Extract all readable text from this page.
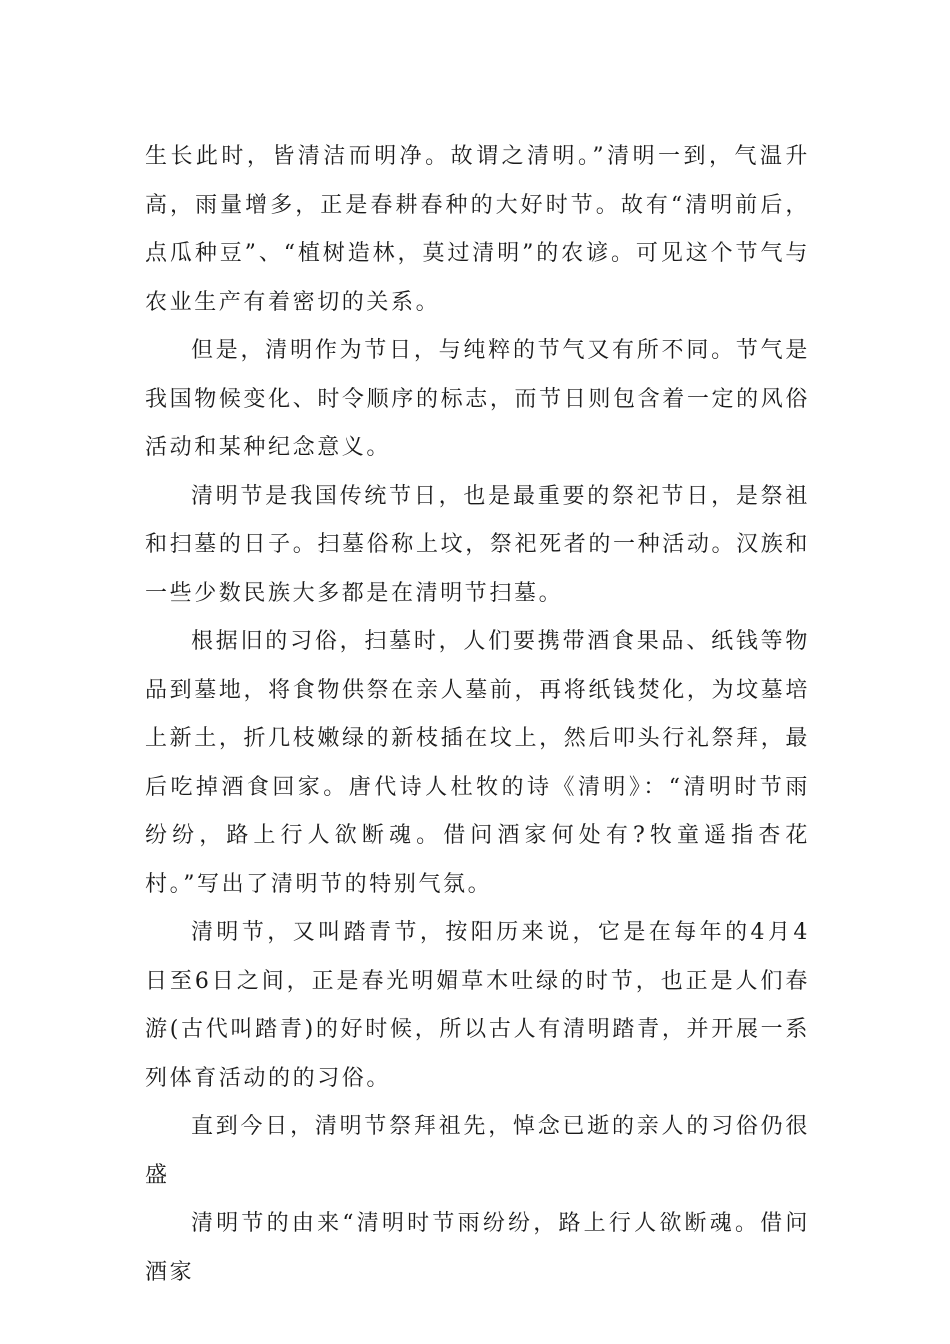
生长此时，皆清洁而明净。故谓之清明。”清明一到，气温升高，雨量增多，正是春耕春种的大好时节。故有“清明前后，点瓜种豆”、“植树造林，莫过清明”的农谚。可见这个节气与农业生产有着密切的关系。

但是，清明作为节日，与纯粹的节气又有所不同。节气是我国物候变化、时令顺序的标志，而节日则包含着一定的风俗活动和某种纪念意义。

清明节是我国传统节日，也是最重要的祭祀节日，是祭祖和扫墓的日子。扫墓俗称上坟，祭祀死者的一种活动。汉族和一些少数民族大多都是在清明节扫墓。

根据旧的习俗，扫墓时，人们要携带酒食果品、纸钱等物品到墓地，将食物供祭在亲人墓前，再将纸钱焚化，为坟墓培上新土，折几枝嫩绿的新枝插在坟上，然后叩头行礼祭拜，最后吃掉酒食回家。唐代诗人杜牧的诗《清明》：“清明时节雨纷纷，路上行人欲断魂。借问酒家何处有?牧童遥指杏花村。”写出了清明节的特别气氛。

清明节，又叫踏青节，按阳历来说，它是在每年的4月4日至6日之间，正是春光明媚草木吐绿的时节，也正是人们春游(古代叫踏青)的好时候，所以古人有清明踏青，并开展一系列体育活动的的习俗。

直到今日，清明节祭拜祖先，悼念已逝的亲人的习俗仍很盛

清明节的由来“清明时节雨纷纷，路上行人欲断魂。借问酒家
